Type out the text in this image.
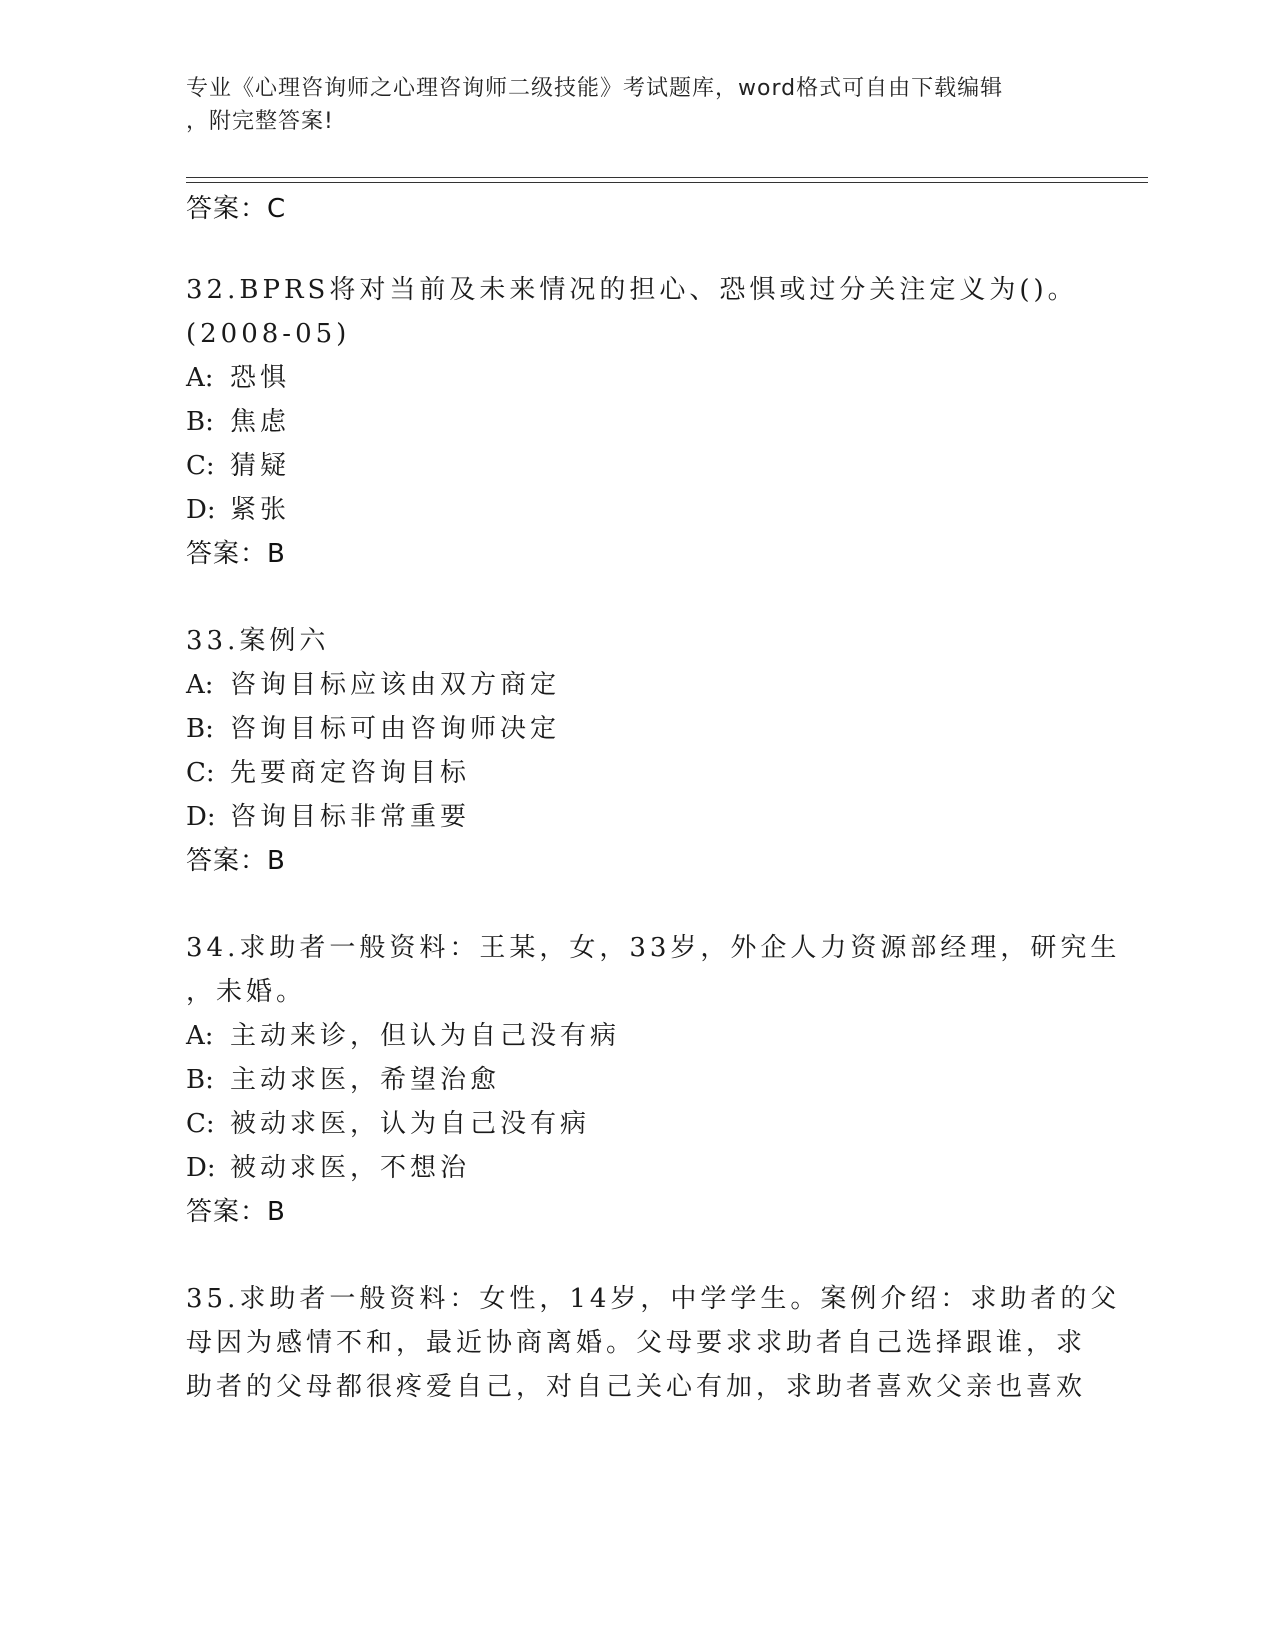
专业《心理咨询师之心理咨询师二级技能》考试题库，word格式可自由下载编辑
，附完整答案!
答案：C
32.BPRS将对当前及未来情况的担心、恐惧或过分关注定义为()。
(2008-05)
A: 恐惧
B: 焦虑
C: 猜疑
D: 紧张
答案：B
33.案例六
A: 咨询目标应该由双方商定
B: 咨询目标可由咨询师决定
C: 先要商定咨询目标
D: 咨询目标非常重要
答案：B
34.求助者一般资料：王某，女，33岁，外企人力资源部经理，研究生
，未婚。
A: 主动来诊，但认为自己没有病
B: 主动求医，希望治愈
C: 被动求医，认为自己没有病
D: 被动求医，不想治
答案：B
35.求助者一般资料：女性，14岁，中学学生。案例介绍：求助者的父
母因为感情不和，最近协商离婚。父母要求求助者自己选择跟谁，求
助者的父母都很疼爱自己，对自己关心有加，求助者喜欢父亲也喜欢
